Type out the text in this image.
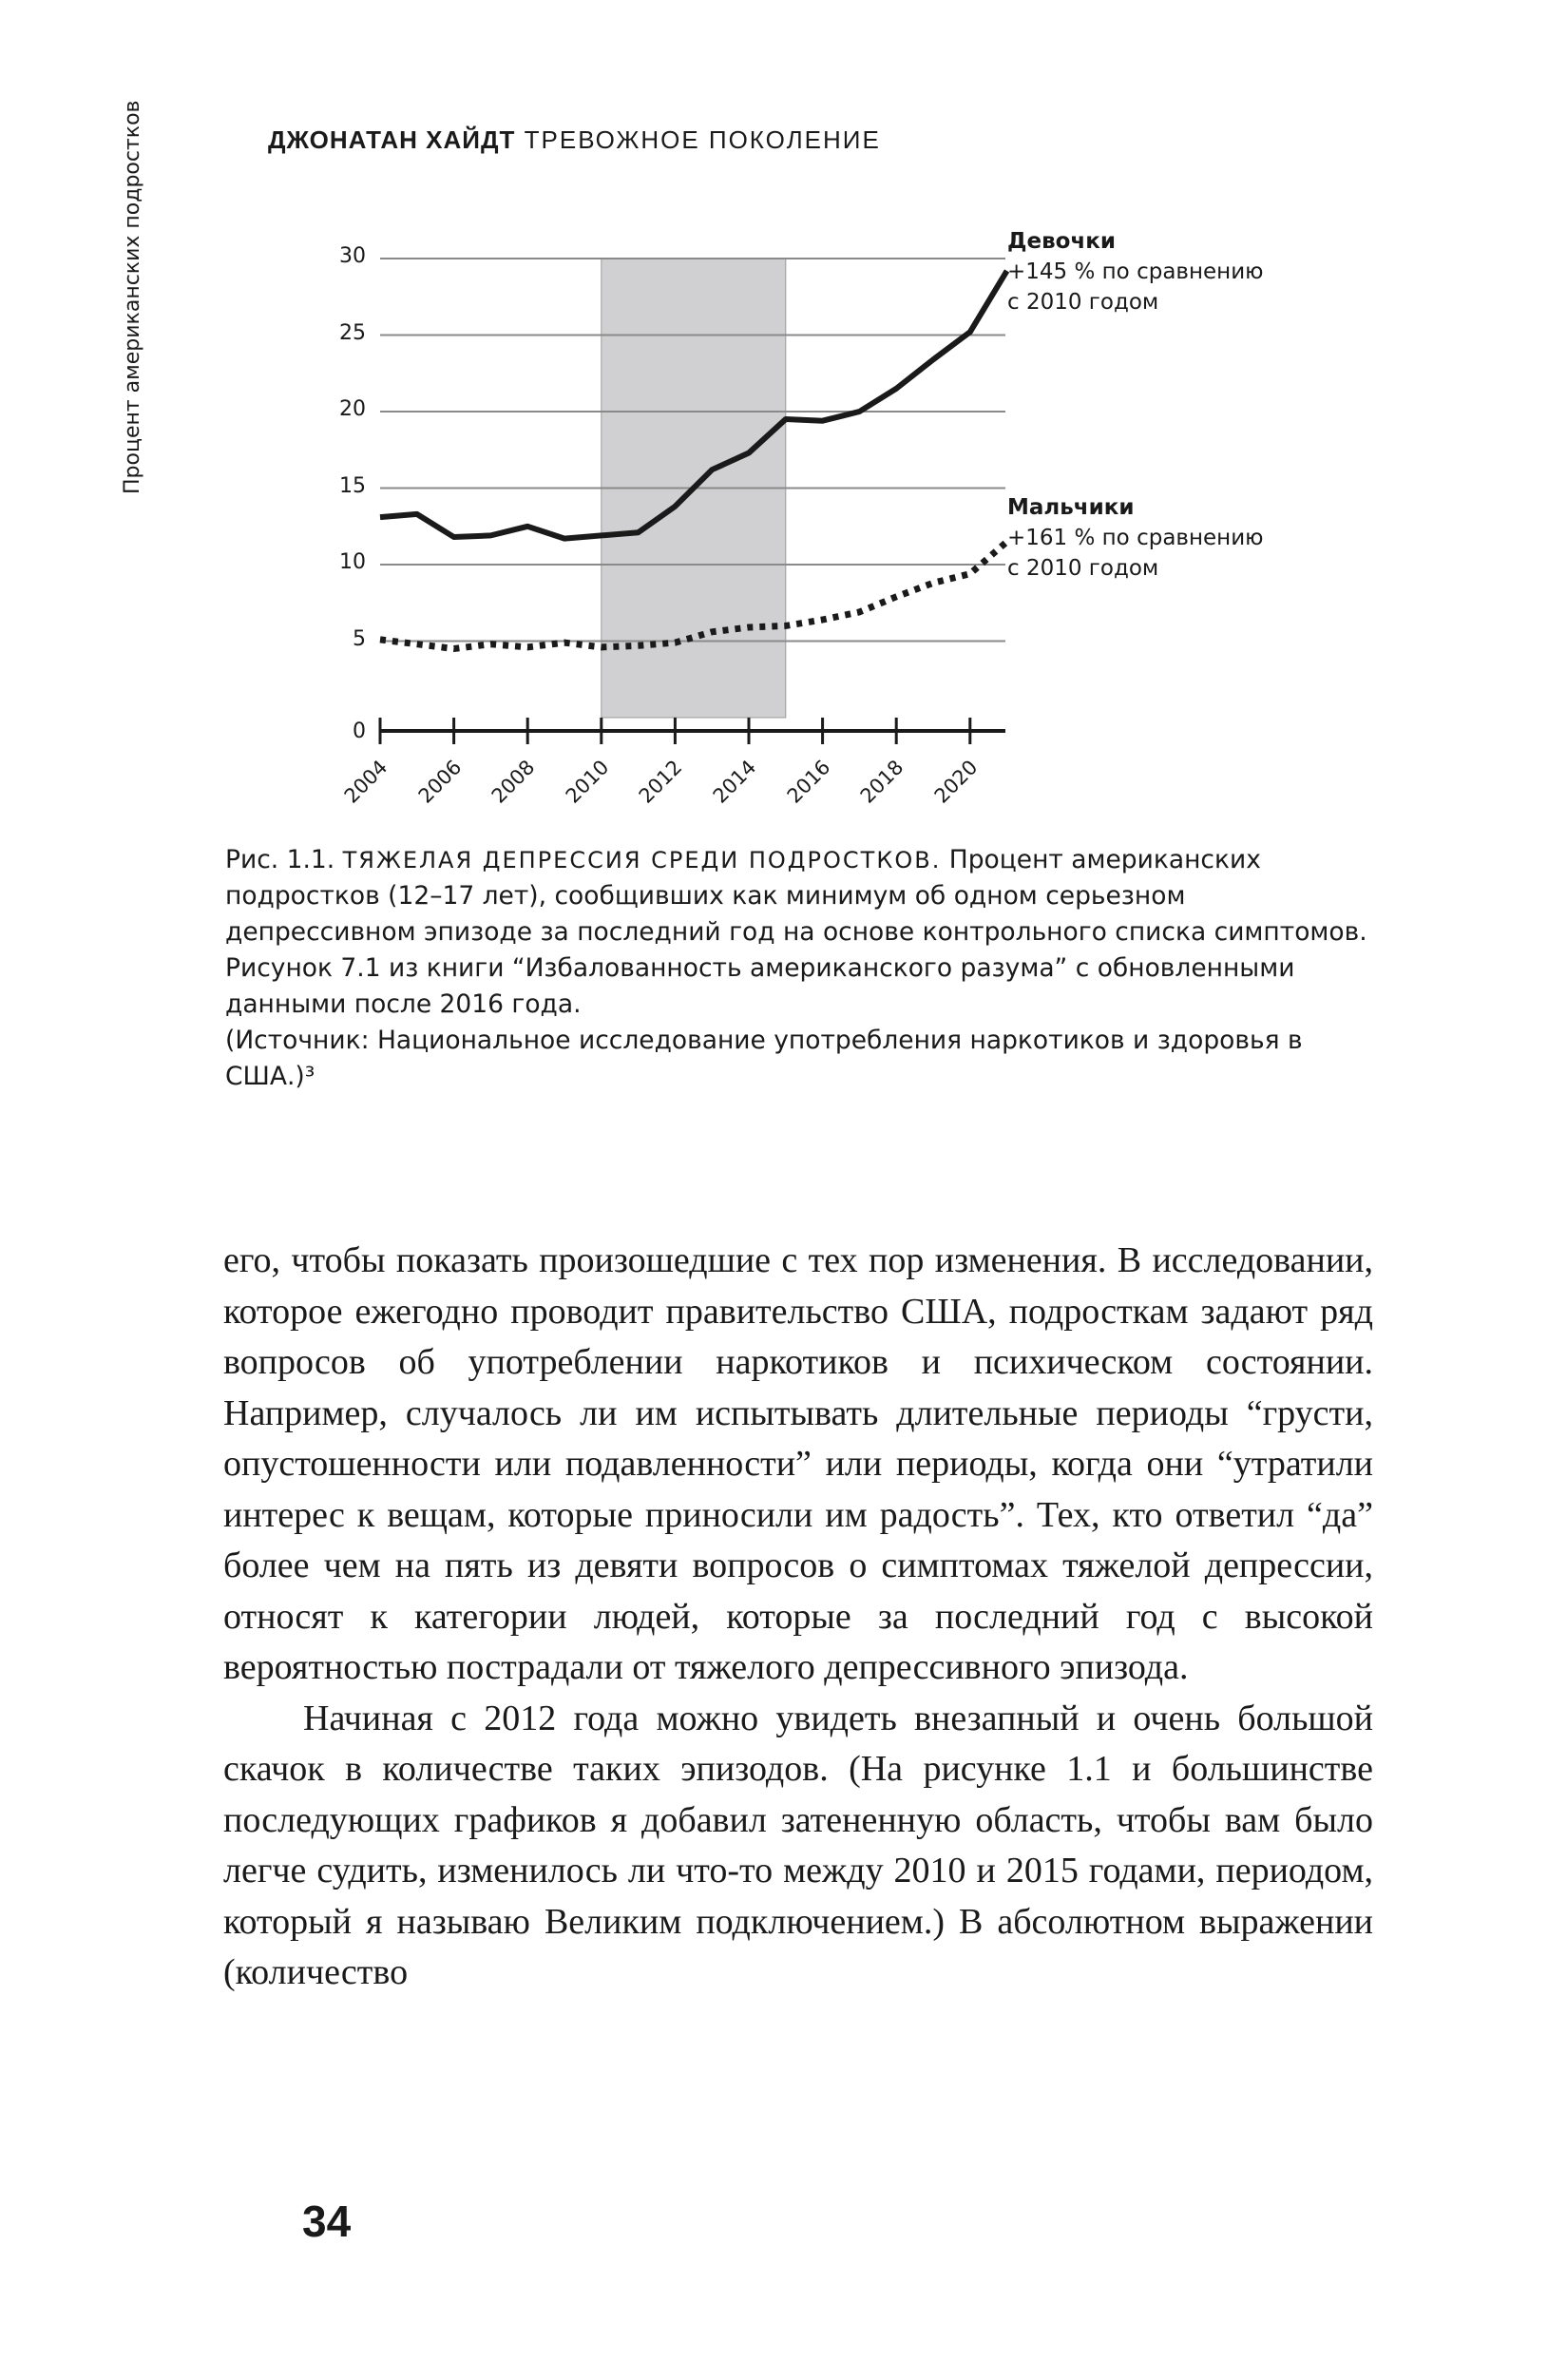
ДЖОНАТАН ХАЙДТ ТРЕВОЖНОЕ ПОКОЛЕНИЕ
Процент американских подростков
0
5
10
15
20
25
30
2004 2006 2008 2010 2012 2014 2016 2018 2020
Девочки
+145 % по сравнению
с 2010 годом
Мальчики
+161 % по сравнению
с 2010 годом
Рис. 1.1. ТЯЖЕЛАЯ ДЕПРЕССИЯ СРЕДИ ПОДРОСТКОВ. Процент американских подростков (12–17 лет), сообщивших как минимум об одном серьезном депрессивном эпизоде за последний год на основе контрольного списка симптомов. Рисунок 7.1 из книги “Избалованность американского разума” с обновленными данными после 2016 года.
(Источник: Национальное исследование употребления наркотиков и здоровья в США.)³

его, чтобы показать произошедшие с тех пор изменения. В исследовании, которое ежегодно проводит правительство США, подросткам задают ряд вопросов об употреблении наркотиков и психическом состоянии. Например, случалось ли им испытывать длительные периоды “грусти, опустошенности или подавленности” или периоды, когда они “утратили интерес к вещам, которые приносили им радость”. Тех, кто ответил “да” более чем на пять из девяти вопросов о симптомах тяжелой депрессии, относят к категории людей, которые за последний год с высокой вероятностью пострадали от тяжелого депрессивного эпизода.

Начиная с 2012 года можно увидеть внезапный и очень большой скачок в количестве таких эпизодов. (На рисунке 1.1 и большинстве последующих графиков я добавил затененную область, чтобы вам было легче судить, изменилось ли что-то между 2010 и 2015 годами, периодом, который я называю Великим подключением.) В абсолютном выражении (количество

34
